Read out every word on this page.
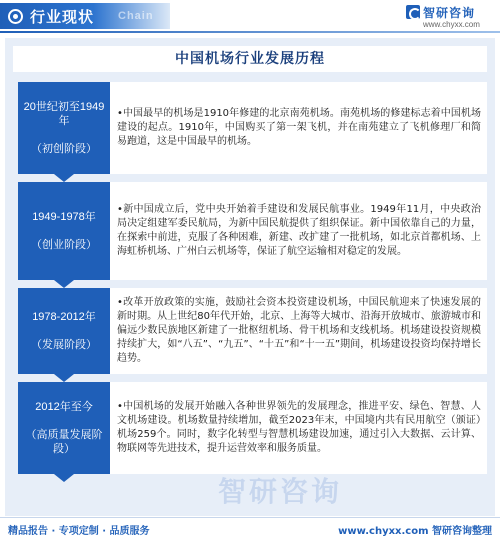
行业现状 Chain	智研咨询
www.chyxx.com
中国机场行业发展历程
20世纪初至1949年
（初创阶段）

•中国最早的机场是1910年修建的北京南苑机场。南苑机场的修建标志着中国机场建设的起点。1910年，中国购买了第一架飞机，并在南苑建立了飞机修理厂和简易跑道，这是中国最早的机场。

1949-1978年
（创业阶段）

•新中国成立后，党中央开始着手建设和发展民航事业。1949年11月，中央政治局决定组建军委民航局，为新中国民航提供了组织保证。新中国依靠自己的力量，在探索中前进，克服了各种困难，新建、改扩建了一批机场，如北京首都机场、上海虹桥机场、广州白云机场等，保证了航空运输相对稳定的发展。

1978-2012年
（发展阶段）

•改革开放政策的实施，鼓励社会资本投资建设机场，中国民航迎来了快速发展的新时期。从上世纪80年代开始，北京、上海等大城市、沿海开放城市、旅游城市和偏远少数民族地区新建了一批枢纽机场、骨干机场和支线机场。机场建设投资规模持续扩大，如“八五”、“九五”、“十五”和“十一五”期间，机场建设投资均保持增长趋势。

2012年至今
（高质量发展阶段）

•中国机场的发展开始融入各种世界领先的发展理念，推进平安、绿色、智慧、人文机场建设。机场数量持续增加，截至2023年末，中国境内共有民用航空（颁证）机场259个。同时，数字化转型与智慧机场建设加速，通过引入大数据、云计算、物联网等先进技术，提升运营效率和服务质量。

智研咨询
精品报告 · 专项定制 · 品质服务	www.chyxx.com 智研咨询整理
